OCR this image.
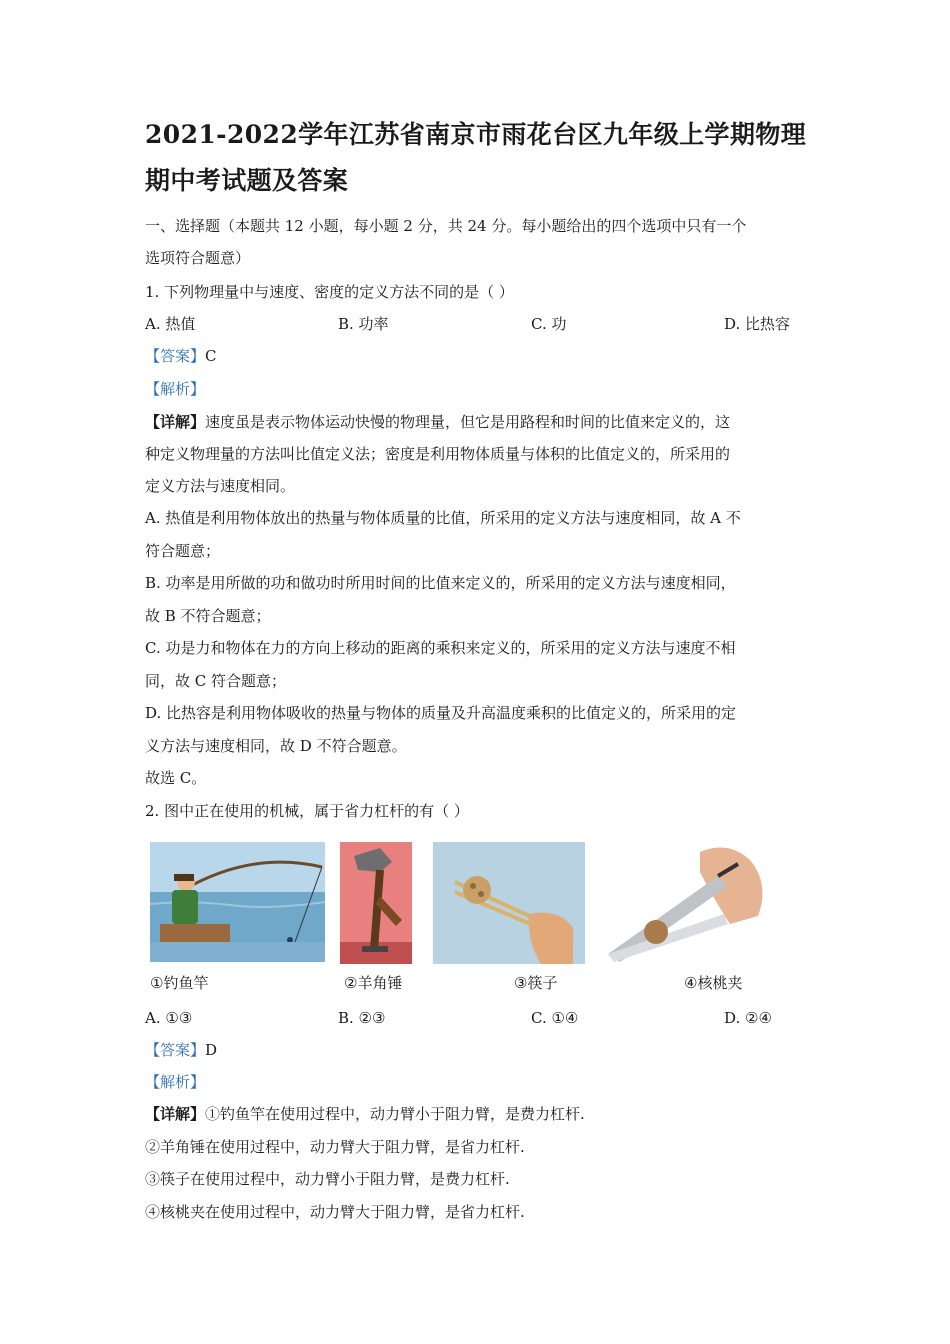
2021-2022学年江苏省南京市雨花台区九年级上学期物理期中考试题及答案
一、选择题（本题共 12 小题，每小题 2 分，共 24 分。每小题给出的四个选项中只有一个
选项符合题意）
1. 下列物理量中与速度、密度的定义方法不同的是（ ）
A. 热值	B. 功率	C. 功	D. 比热容
【答案】C
【解析】
【详解】速度虽是表示物体运动快慢的物理量，但它是用路程和时间的比值来定义的，这
种定义物理量的方法叫比值定义法；密度是利用物体质量与体积的比值定义的，所采用的
定义方法与速度相同。
A. 热值是利用物体放出的热量与物体质量的比值，所采用的定义方法与速度相同，故 A 不
符合题意；
B. 功率是用所做的功和做功时所用时间的比值来定义的，所采用的定义方法与速度相同，
故 B 不符合题意；
C. 功是力和物体在力的方向上移动的距离的乘积来定义的，所采用的定义方法与速度不相
同，故 C 符合题意；
D. 比热容是利用物体吸收的热量与物体的质量及升高温度乘积的比值定义的，所采用的定
义方法与速度相同，故 D 不符合题意。
故选 C。
2. 图中正在使用的机械，属于省力杠杆的有（ ）
①钓鱼竿	②羊角锤	③筷子	④核桃夹
A. ①③	B. ②③	C. ①④	D. ②④
【答案】D
【解析】
【详解】①钓鱼竿在使用过程中，动力臂小于阻力臂，是费力杠杆.
②羊角锤在使用过程中，动力臂大于阻力臂，是省力杠杆.
③筷子在使用过程中，动力臂小于阻力臂，是费力杠杆.
④核桃夹在使用过程中，动力臂大于阻力臂，是省力杠杆.
